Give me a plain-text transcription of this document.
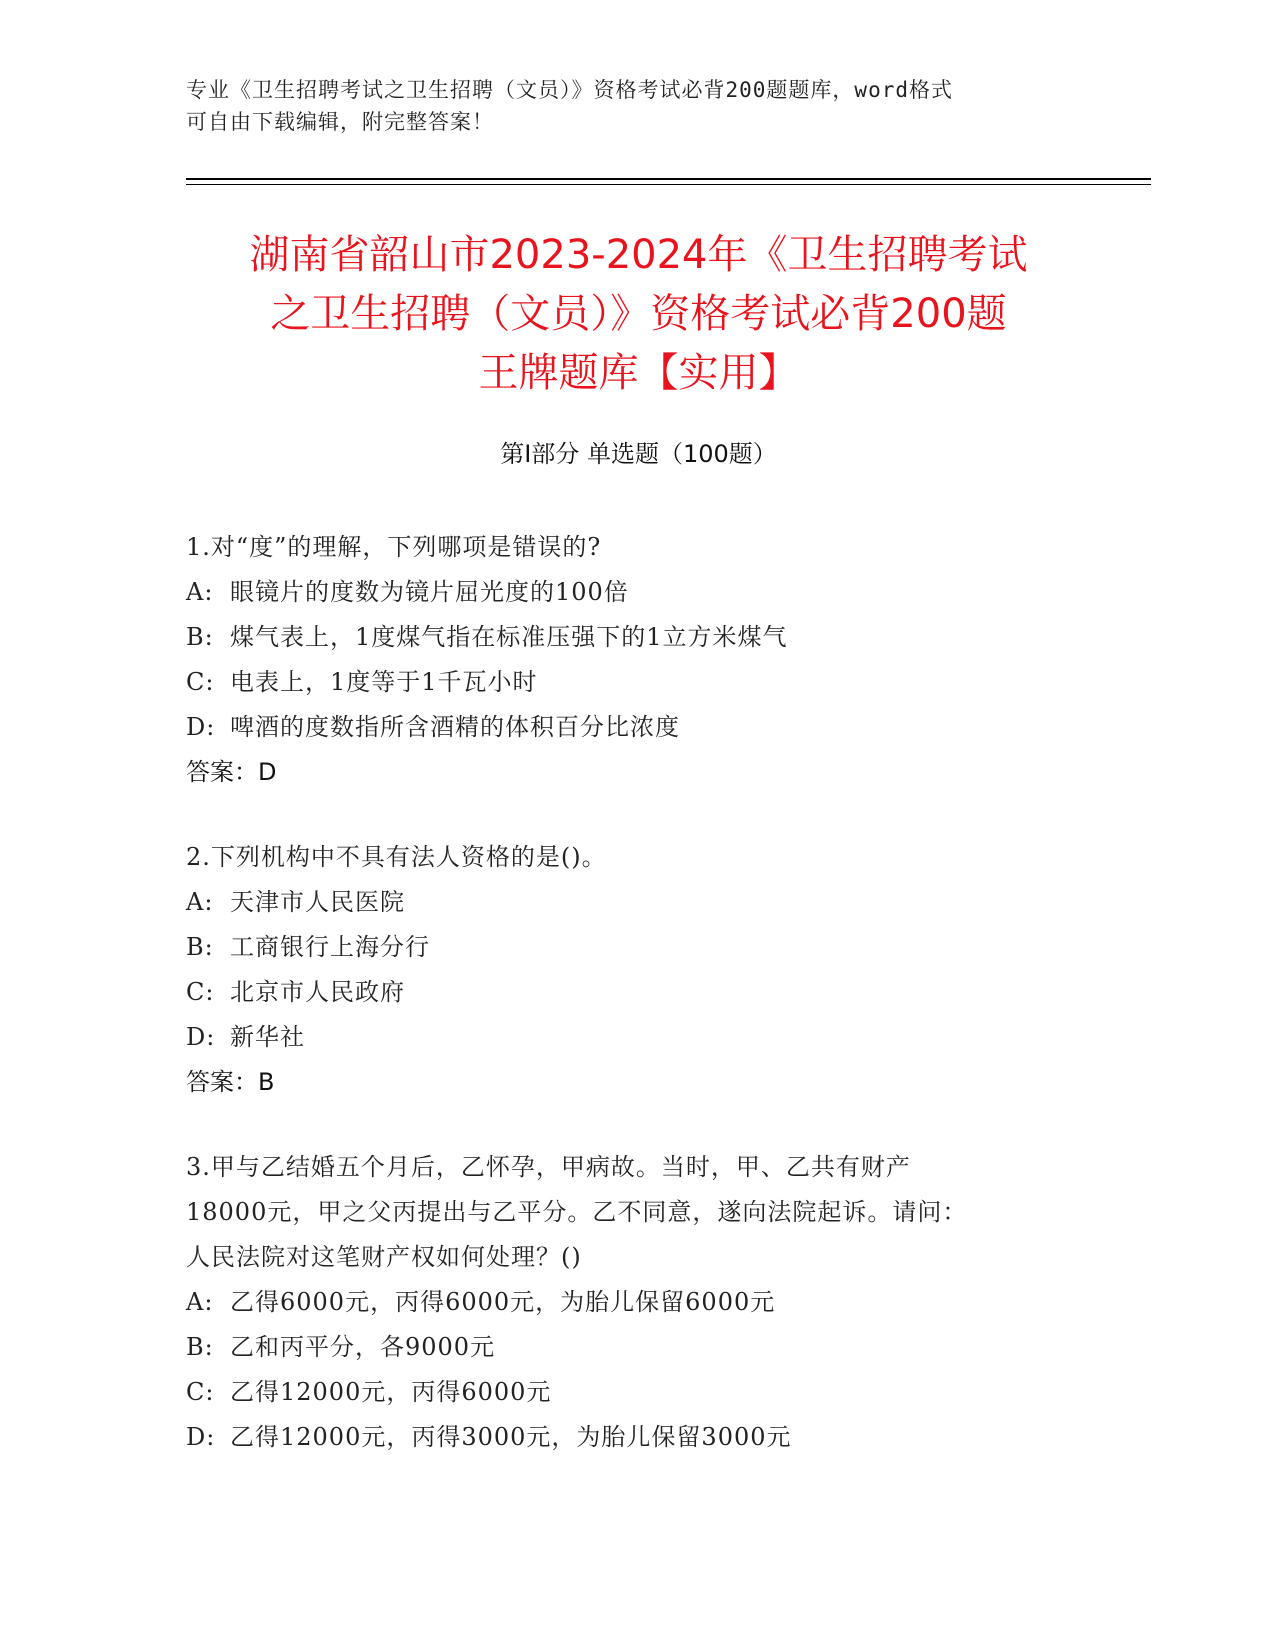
专业《卫生招聘考试之卫生招聘（文员）》资格考试必背200题题库，word格式
可自由下载编辑，附完整答案！
湖南省韶山市2023-2024年《卫生招聘考试
之卫生招聘（文员）》资格考试必背200题
王牌题库【实用】
第Ⅰ部分 单选题（100题）
1.对“度”的理解，下列哪项是错误的?
A: 眼镜片的度数为镜片屈光度的100倍
B: 煤气表上，1度煤气指在标准压强下的1立方米煤气
C: 电表上，1度等于1千瓦小时
D: 啤酒的度数指所含酒精的体积百分比浓度
答案：D
2.下列机构中不具有法人资格的是()。
A: 天津市人民医院
B: 工商银行上海分行
C: 北京市人民政府
D: 新华社
答案：B
3.甲与乙结婚五个月后，乙怀孕，甲病故。当时，甲、乙共有财产
18000元，甲之父丙提出与乙平分。乙不同意，遂向法院起诉。请问：
人民法院对这笔财产权如何处理？()
A: 乙得6000元，丙得6000元，为胎儿保留6000元
B: 乙和丙平分，各9000元
C: 乙得12000元，丙得6000元
D: 乙得12000元，丙得3000元，为胎儿保留3000元
